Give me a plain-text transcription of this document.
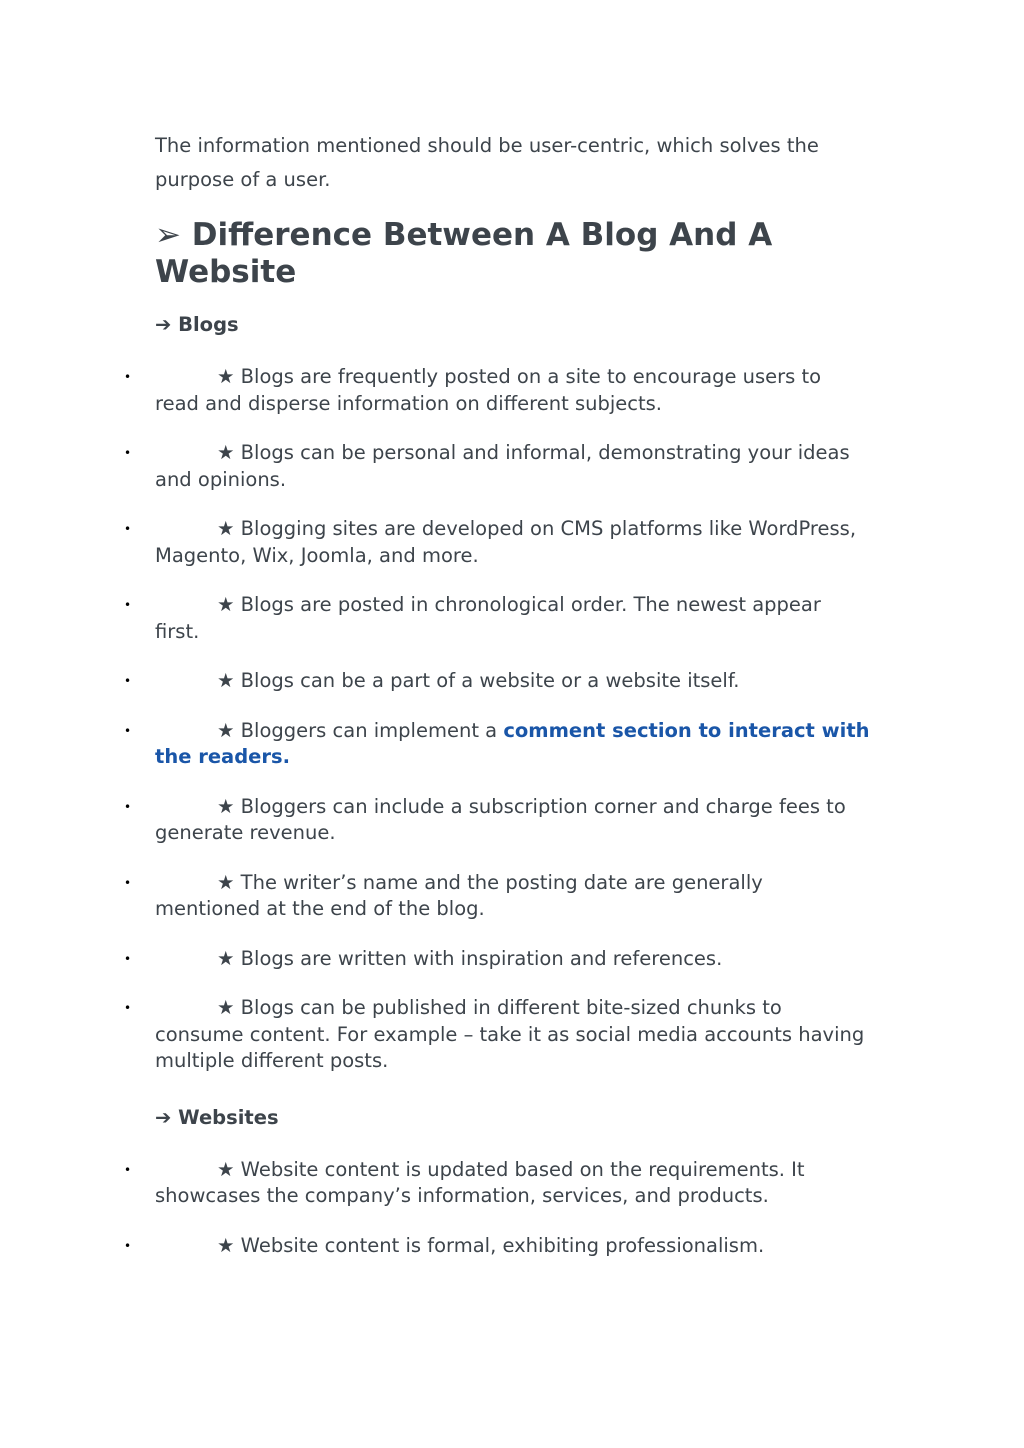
The information mentioned should be user-centric, which solves the purpose of a user.

➢ Difference Between A Blog And A Website
➔ Blogs
•	★ Blogs are frequently posted on a site to encourage users to read and disperse information on different subjects.
•	★ Blogs can be personal and informal, demonstrating your ideas and opinions.
•	★ Blogging sites are developed on CMS platforms like WordPress, Magento, Wix, Joomla, and more.
•	★ Blogs are posted in chronological order. The newest appear first.
•	★ Blogs can be a part of a website or a website itself.
•	★ Bloggers can implement a comment section to interact with the readers.
•	★ Bloggers can include a subscription corner and charge fees to generate revenue.
•	★ The writer’s name and the posting date are generally mentioned at the end of the blog.
•	★ Blogs are written with inspiration and references.
•	★ Blogs can be published in different bite-sized chunks to consume content. For example – take it as social media accounts having multiple different posts.
➔ Websites
•	★ Website content is updated based on the requirements. It showcases the company’s information, services, and products.
•	★ Website content is formal, exhibiting professionalism.
